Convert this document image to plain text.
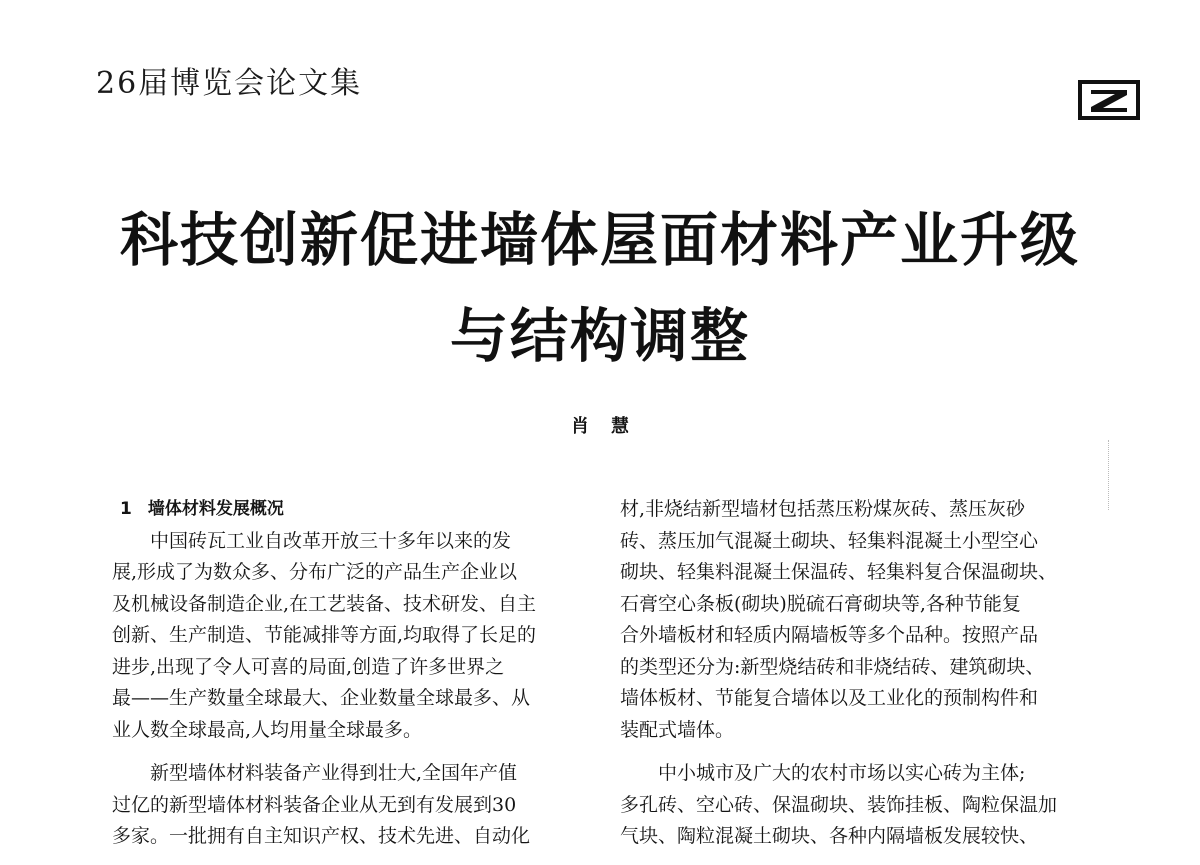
26届博览会论文集
科技创新促进墙体屋面材料产业升级
与结构调整
肖慧
1 墙体材料发展概况
中国砖瓦工业自改革开放三十多年以来的发
展,形成了为数众多、分布广泛的产品生产企业以
及机械设备制造企业,在工艺装备、技术研发、自主
创新、生产制造、节能减排等方面,均取得了长足的
进步,出现了令人可喜的局面,创造了许多世界之
最——生产数量全球最大、企业数量全球最多、从
业人数全球最高,人均用量全球最多。
新型墙体材料装备产业得到壮大,全国年产值
过亿的新型墙体材料装备企业从无到有发展到30
多家。一批拥有自主知识产权、技术先进、自动化
材,非烧结新型墙材包括蒸压粉煤灰砖、蒸压灰砂
砖、蒸压加气混凝土砌块、轻集料混凝土小型空心
砌块、轻集料混凝土保温砖、轻集料复合保温砌块、
石膏空心条板(砌块)脱硫石膏砌块等,各种节能复
合外墙板材和轻质内隔墙板等多个品种。按照产品
的类型还分为:新型烧结砖和非烧结砖、建筑砌块、
墙体板材、节能复合墙体以及工业化的预制构件和
装配式墙体。
中小城市及广大的农村市场以实心砖为主体;
多孔砖、空心砖、保温砌块、装饰挂板、陶粒保温加
气块、陶粒混凝土砌块、各种内隔墙板发展较快、
